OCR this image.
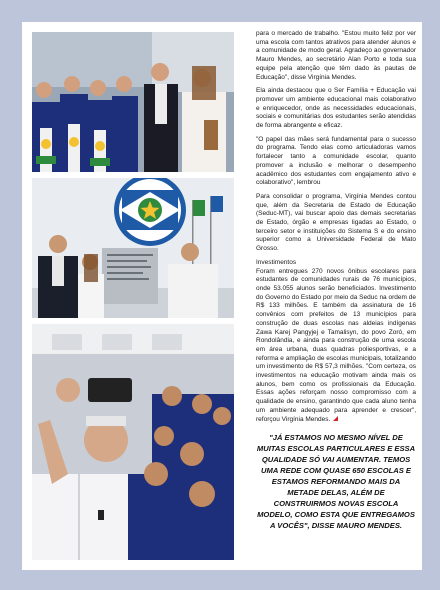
para o mercado de trabalho. "Estou muito feliz por ver uma escola com tantos atrativos para atender alunos e a comunidade de modo geral. Agradeço ao governador Mauro Mendes, ao secretário Alan Porto e toda sua equipe pela atenção que têm dado às pautas de Educação", disse Virgínia Mendes.

Ela ainda destacou que o Ser Família + Educação vai promover um ambiente educacional mais colaborativo e enriquecedor, onde as necessidades educacionais, sociais e comunitárias dos estudantes serão atendidas de forma abrangente e eficaz.

"O papel das mães será fundamental para o sucesso do programa. Tendo elas como articuladoras vamos fortalecer tanto a comunidade escolar, quanto promover a inclusão e melhorar o desempenho acadêmico dos estudantes com engajamento ativo e colaborativo", lembrou

Para consolidar o programa, Virgínia Mendes contou que, além da Secretaria de Estado de Educação (Seduc-MT), vai buscar apoio das demais secretarias de Estado, órgão e empresas ligadas ao Estado, o terceiro setor e instituições do Sistema S e do ensino superior como a Universidade Federal de Mato Grosso.

Investimentos

Foram entregues 270 novos ônibus escolares para estudantes de comunidades rurais de 76 municípios, onde 53.055 alunos serão beneficiados. Investimento do Governo do Estado por meio da Seduc na ordem de R$ 133 milhões. E também da assinatura de 16 convênios com prefeitos de 13 municípios para construção de duas escolas nas aldeias indígenas Zawa Karej Pangyjej e Tamalisyn, do povo Zoró, em Rondolândia, e ainda para construção de uma escola em área urbana, duas quadras poliesportivas, e a reforma e ampliação de escolas municipais, totalizando um investimento de R$ 57,3 milhões. "Com certeza, os investimentos na educação motivam ainda mais os alunos, bem como os profissionais da Educação. Essas ações reforçam nosso compromisso com a qualidade de ensino, garantindo que cada aluno tenha um ambiente adequado para aprender e crescer", reforçou Virgínia Mendes.

"JÁ ESTAMOS NO MESMO NÍVEL DE MUITAS ESCOLAS PARTICULARES E ESSA QUALIDADE SÓ VAI AUMENTAR. TEMOS UMA REDE COM QUASE 650 ESCOLAS E ESTAMOS REFORMANDO MAIS DA METADE DELAS, ALÉM DE CONSTRUIRMOS NOVAS ESCOLA MODELO, COMO ESTA QUE ENTREGAMOS A VOCÊS", DISSE MAURO MENDES.
